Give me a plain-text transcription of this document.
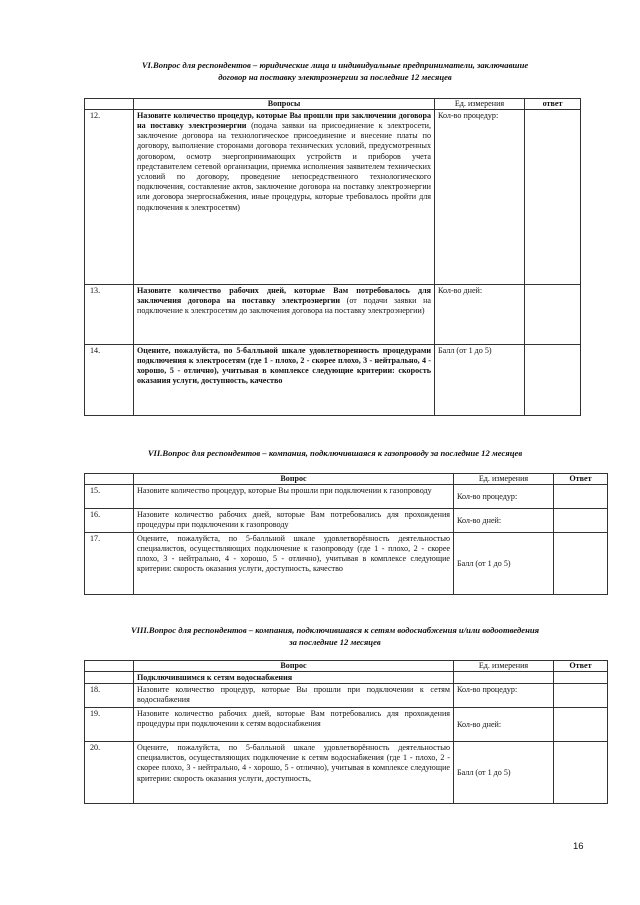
VI.Вопрос для респондентов – юридические лица и индивидуальные предприниматели, заключавшие
договор на поставку электроэнергии за последние 12 месяцев
	Вопросы	Ед. измерения	ответ
12.	Назовите количество процедур, которые Вы прошли при заключении договора на поставку электроэнергии (подача заявки на присоединение к электросети, заключение договора на технологическое присоединение и внесение платы по договору, выполнение сторонами договора технических условий, предусмотренных договором, осмотр энергопринимающих устройств и приборов учета представителем сетевой организации, приемка исполнения заявителем технических условий по договору, проведение непосредственного технологического подключения, составление актов, заключение договора на поставку электроэнергии или договора энергоснабжения, иные процедуры, которые требовалось пройти для подключения к электросетям)	Кол-во процедур:	
13.	Назовите количество рабочих дней, которые Вам потребовалось для заключения договора на поставку электроэнергии (от подачи заявки на подключение к электросетям до заключения договора на поставку электроэнергии)	Кол-во дней:	
14.	Оцените, пожалуйста, по 5-балльной шкале удовлетворенность процедурами подключения к электросетям (где 1 - плохо, 2 - скорее плохо, 3 - нейтрально, 4 - хорошо, 5 - отлично), учитывая в комплексе следующие критерии: скорость оказания услуги, доступность, качество	Балл (от 1 до 5)	
VII.Вопрос для респондентов – компания, подключившаяся к газопроводу за последние 12 месяцев
	Вопрос	Ед. измерения	Ответ
15.	Назовите количество процедур, которые Вы прошли при подключении к газопроводу	Кол-во процедур:	
16.	Назовите количество рабочих дней, которые Вам потребовались для прохождения процедуры при подключении к газопроводу	Кол-во дней:	
17.	Оцените, пожалуйста, по 5-балльной шкале удовлетворённость деятельностью специалистов, осуществляющих подключение к газопроводу (где 1 - плохо, 2 - скорее плохо, 3 - нейтрально, 4 - хорошо, 5 - отлично), учитывая в комплексе следующие критерии: скорость оказания услуги, доступность, качество	Балл (от 1 до 5)	
VIII.Вопрос для респондентов – компания, подключившаяся к сетям водоснабжения и/или водоотведения
за последние 12 месяцев
	Вопрос	Ед. измерения	Ответ
	Подключившимся к сетям водоснабжения		
18.	Назовите количество процедур, которые Вы прошли при подключении к сетям водоснабжения	Кол-во процедур:	
19.	Назовите количество рабочих дней, которые Вам потребовались для прохождения процедуры при подключении к сетям водоснабжения	Кол-во дней:	
20.	Оцените, пожалуйста, по 5-балльной шкале удовлетворённость деятельностью специалистов, осуществляющих подключение к сетям водоснабжения (где 1 - плохо, 2 - скорее плохо, 3 - нейтрально, 4 - хорошо, 5 - отлично), учитывая в комплексе следующие критерии: скорость оказания услуги, доступность,	Балл (от 1 до 5)	
16
